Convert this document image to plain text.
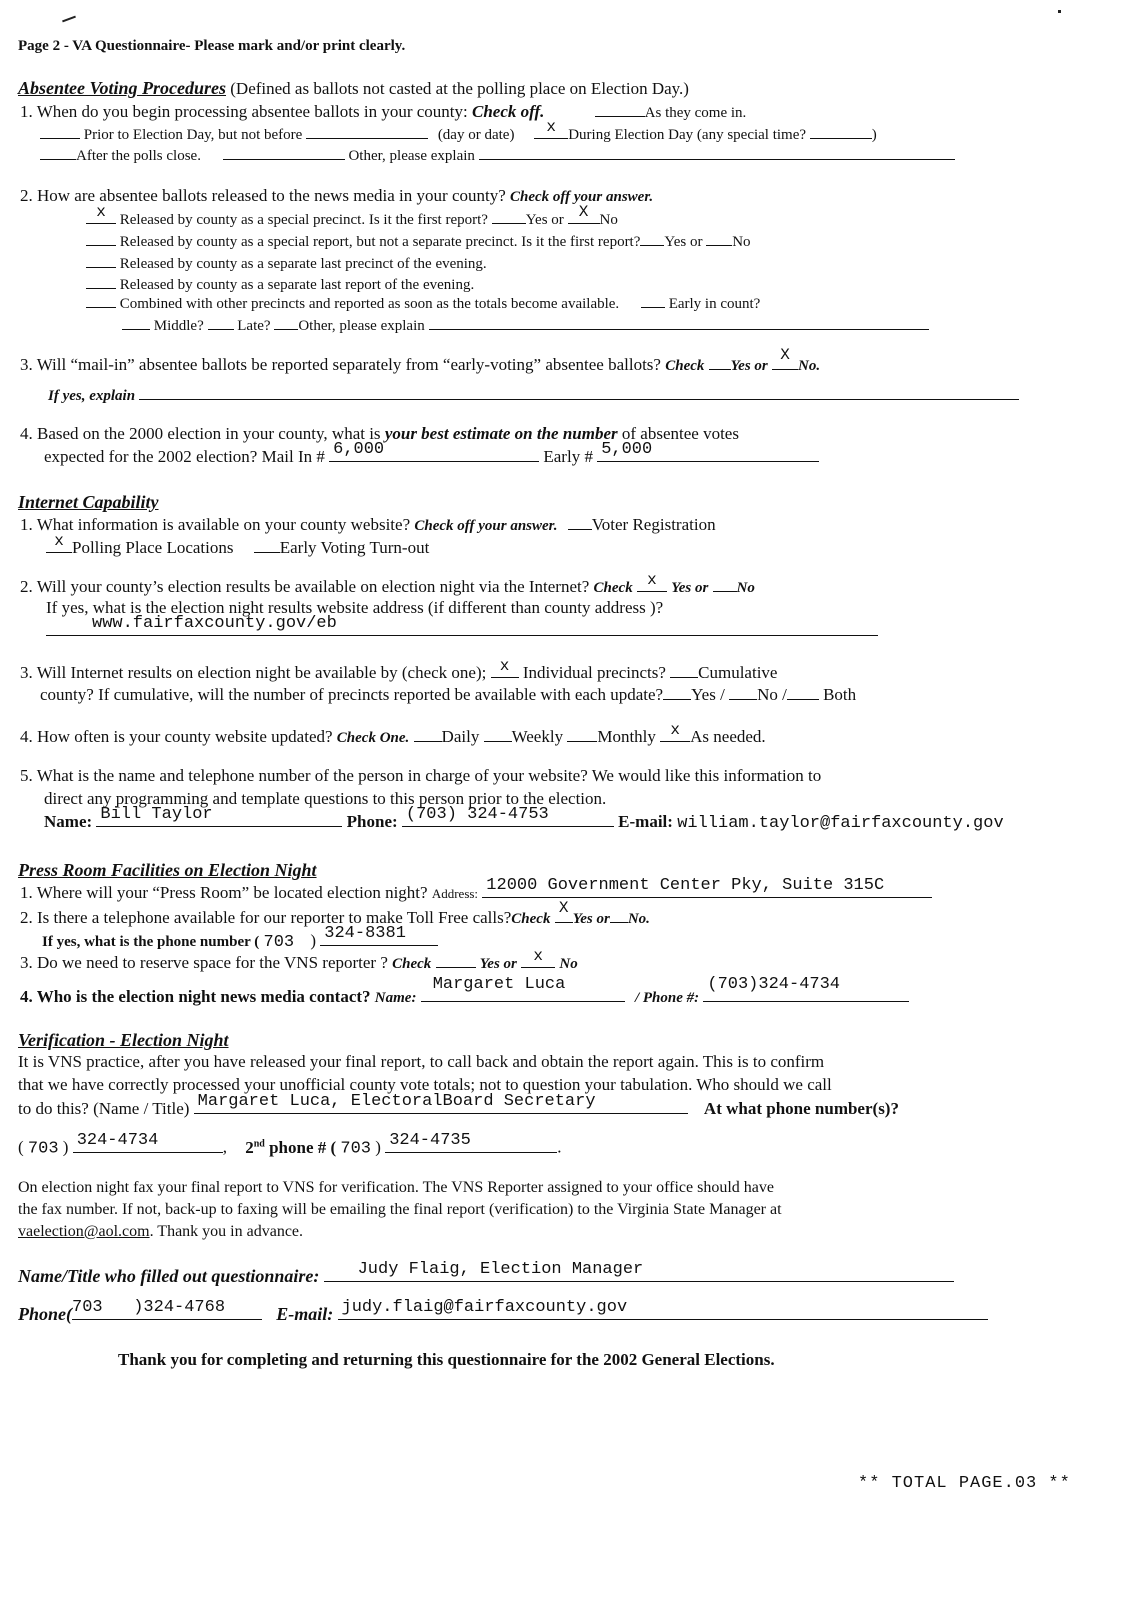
Page 2 - VA Questionnaire- Please mark and/or print clearly.
Absentee Voting Procedures (Defined as ballots not casted at the polling place on Election Day.)
1. When do you begin processing absentee ballots in your county: Check off.	As they come in.
Prior to Election Day, but not before	(day or date)	x During Election Day (any special time?	)
After the polls close.	Other, please explain
2. How are absentee ballots released to the news media in your county? Check off your answer.
x Released by county as a special precinct. Is it the first report?	Yes or X No
Released by county as a special report, but not a separate precinct. Is it the first report? Yes or No
Released by county as a separate last precinct of the evening.
Released by county as a separate last report of the evening.
Combined with other precincts and reported as soon as the totals become available.	Early in count?
Middle? Late? Other, please explain
3. Will “mail-in” absentee ballots be reported separately from “early-voting” absentee ballots? Check Yes or
X
No.
If yes, explain
4. Based on the 2000 election in your county, what is your best estimate on the number of absentee votes
expected for the 2002 election? Mail In # 6,000	Early # 5,000
Internet Capability
1. What information is available on your county website? Check off your answer. Voter Registration
x Polling Place Locations	Early Voting Turn-out
2. Will your county’s election results be available on election night via the Internet? Check x Yes or No
If yes, what is the election night results website address (if different than county address )?
www.fairfaxcounty.gov/eb
3. Will Internet results on election night be available by (check one); x Individual precincts? Cumulative
county? If cumulative, will the number of precincts reported be available with each update? Yes / No / Both
4. How often is your county website updated? Check One. Daily Weekly Monthly x As needed.
5. What is the name and telephone number of the person in charge of your website? We would like this information to
direct any programming and template questions to this person prior to the election.
Name: Bill Taylor	Phone: (703) 324-4753	E-mail: william.taylor@fairfaxcounty.gov
Press Room Facilities on Election Night
1. Where will your “Press Room” be located election night? Address: 12000 Government Center Pky, Suite 315C
2. Is there a telephone available for our reporter to make Toll Free calls?Check
X
Yes or No.
If yes, what is the phone number ( 703 ) 324-8381
3. Do we need to reserve space for the VNS reporter ? Check	Yes or	x	No
4. Who is the election night news media contact? Name:
Margaret Luca
/ Phone #:
(703)324-4734
Verification - Election Night
It is VNS practice, after you have released your final report, to call back and obtain the report again. This is to confirm
that we have correctly processed your unofficial county vote totals; not to question your tabulation. Who should we call
to do this? (Name / Title) Margaret Luca, ElectoralBoard Secretary	At what phone number(s)?
( 703 ) 324-4734	, 2nd phone # ( 703 ) 324-4735	.
On election night fax your final report to VNS for verification. The VNS Reporter assigned to your office should have
the fax number. If not, back-up to faxing will be emailing the final report (verification) to the Virginia State Manager at
vaelection@aol.com. Thank you in advance.
Name/Title who filled out questionnaire: Judy Flaig, Election Manager
Phone( 703 )324-4768	E-mail: judy.flaig@fairfaxcounty.gov
Thank you for completing and returning this questionnaire for the 2002 General Elections.
** TOTAL PAGE.03 **
